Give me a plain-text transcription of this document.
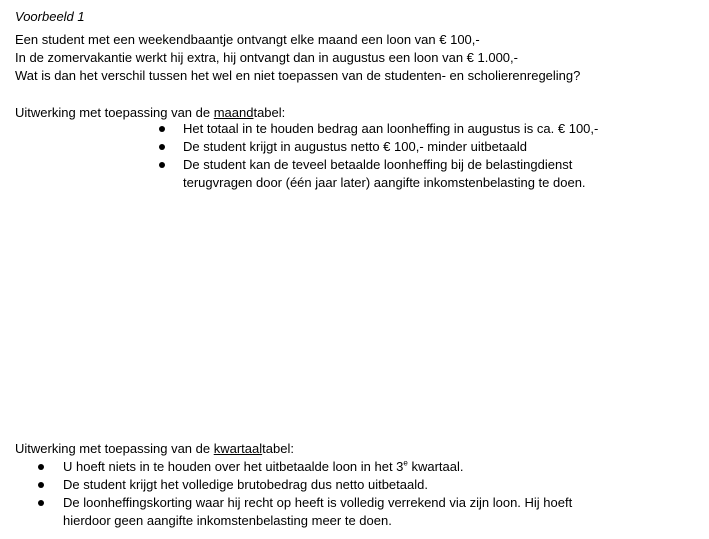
Voorbeeld 1
Een student met een weekendbaantje ontvangt elke maand een loon van € 100,-
In de zomervakantie werkt hij extra, hij ontvangt dan in augustus een loon van € 1.000,-
Wat is dan het verschil tussen het wel en niet toepassen van de studenten- en scholierenregeling?
Uitwerking met toepassing van de maandtabel:
Het totaal in te houden bedrag aan loonheffing in augustus is ca. € 100,-
De student krijgt in augustus netto € 100,- minder uitbetaald
De student kan de teveel betaalde loonheffing bij de belastingdienst
terugvragen door (één jaar later) aangifte inkomstenbelasting te doen.
Uitwerking met toepassing van de kwartaaltabel:
U hoeft niets in te houden over het uitbetaalde loon in het 3e kwartaal.
De student krijgt het volledige brutobedrag dus netto uitbetaald.
De loonheffingskorting waar hij recht op heeft is volledig verrekend via zijn loon. Hij hoeft
hierdoor geen aangifte inkomstenbelasting meer te doen.
